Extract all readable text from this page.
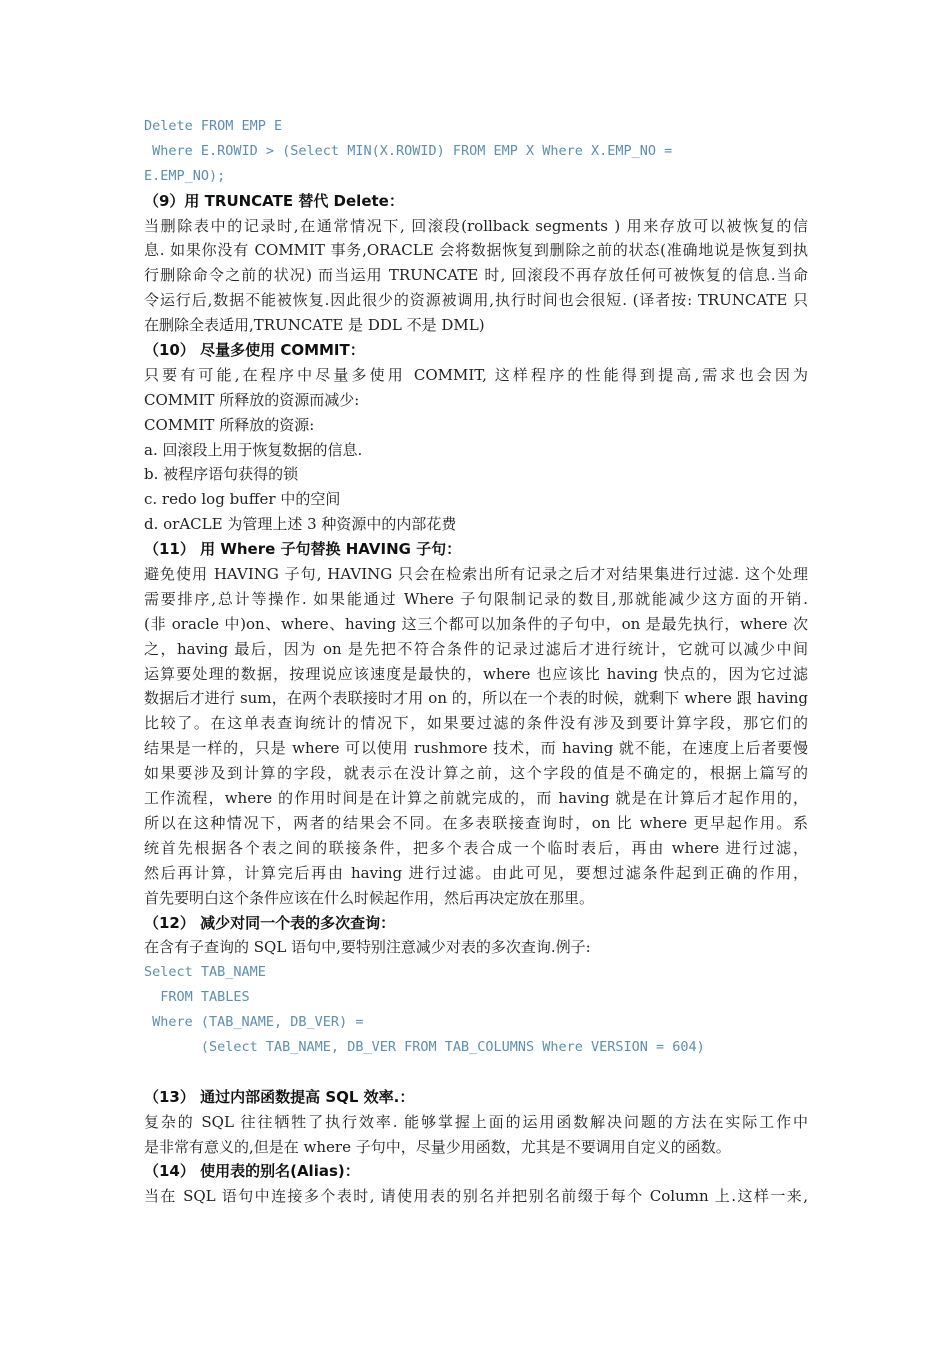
Delete FROM EMP E
Where E.ROWID > (Select MIN(X.ROWID) FROM EMP X Where X.EMP_NO =
E.EMP_NO);
（9）用 TRUNCATE 替代 Delete：
当删除表中的记录时,在通常情况下, 回滚段(rollback segments ) 用来存放可以被恢复的信
息. 如果你没有 COMMIT 事务,ORACLE 会将数据恢复到删除之前的状态(准确地说是恢复到执
行删除命令之前的状况) 而当运用 TRUNCATE 时, 回滚段不再存放任何可被恢复的信息.当命
令运行后,数据不能被恢复.因此很少的资源被调用,执行时间也会很短. (译者按: TRUNCATE 只
在删除全表适用,TRUNCATE 是 DDL 不是 DML)
（10） 尽量多使用 COMMIT：
只要有可能,在程序中尽量多使用 COMMIT, 这样程序的性能得到提高,需求也会因为
COMMIT 所释放的资源而减少:
COMMIT 所释放的资源:
a. 回滚段上用于恢复数据的信息.
b. 被程序语句获得的锁
c. redo log buffer 中的空间
d. orACLE 为管理上述 3 种资源中的内部花费
（11） 用 Where 子句替换 HAVING 子句：
避免使用 HAVING 子句, HAVING 只会在检索出所有记录之后才对结果集进行过滤. 这个处理
需要排序,总计等操作. 如果能通过 Where 子句限制记录的数目,那就能减少这方面的开销.
(非 oracle 中)on、where、having 这三个都可以加条件的子句中，on 是最先执行，where 次
之，having 最后，因为 on 是先把不符合条件的记录过滤后才进行统计，它就可以减少中间
运算要处理的数据，按理说应该速度是最快的，where 也应该比 having 快点的，因为它过滤
数据后才进行 sum，在两个表联接时才用 on 的，所以在一个表的时候，就剩下 where 跟 having
比较了。在这单表查询统计的情况下，如果要过滤的条件没有涉及到要计算字段，那它们的
结果是一样的，只是 where 可以使用 rushmore 技术，而 having 就不能，在速度上后者要慢
如果要涉及到计算的字段，就表示在没计算之前，这个字段的值是不确定的，根据上篇写的
工作流程，where 的作用时间是在计算之前就完成的，而 having 就是在计算后才起作用的，
所以在这种情况下，两者的结果会不同。在多表联接查询时，on 比 where 更早起作用。系
统首先根据各个表之间的联接条件，把多个表合成一个临时表后，再由 where 进行过滤，
然后再计算，计算完后再由 having 进行过滤。由此可见，要想过滤条件起到正确的作用，
首先要明白这个条件应该在什么时候起作用，然后再决定放在那里。
（12） 减少对同一个表的多次查询：
在含有子查询的 SQL 语句中,要特别注意减少对表的多次查询.例子:
Select TAB_NAME
FROM TABLES
Where (TAB_NAME, DB_VER) =
(Select TAB_NAME, DB_VER FROM TAB_COLUMNS Where VERSION = 604)
（13） 通过内部函数提高 SQL 效率.：
复杂的 SQL 往往牺牲了执行效率. 能够掌握上面的运用函数解决问题的方法在实际工作中
是非常有意义的,但是在 where 子句中，尽量少用函数，尤其是不要调用自定义的函数。
（14） 使用表的别名(Alias)：
当在 SQL 语句中连接多个表时, 请使用表的别名并把别名前缀于每个 Column 上.这样一来,
